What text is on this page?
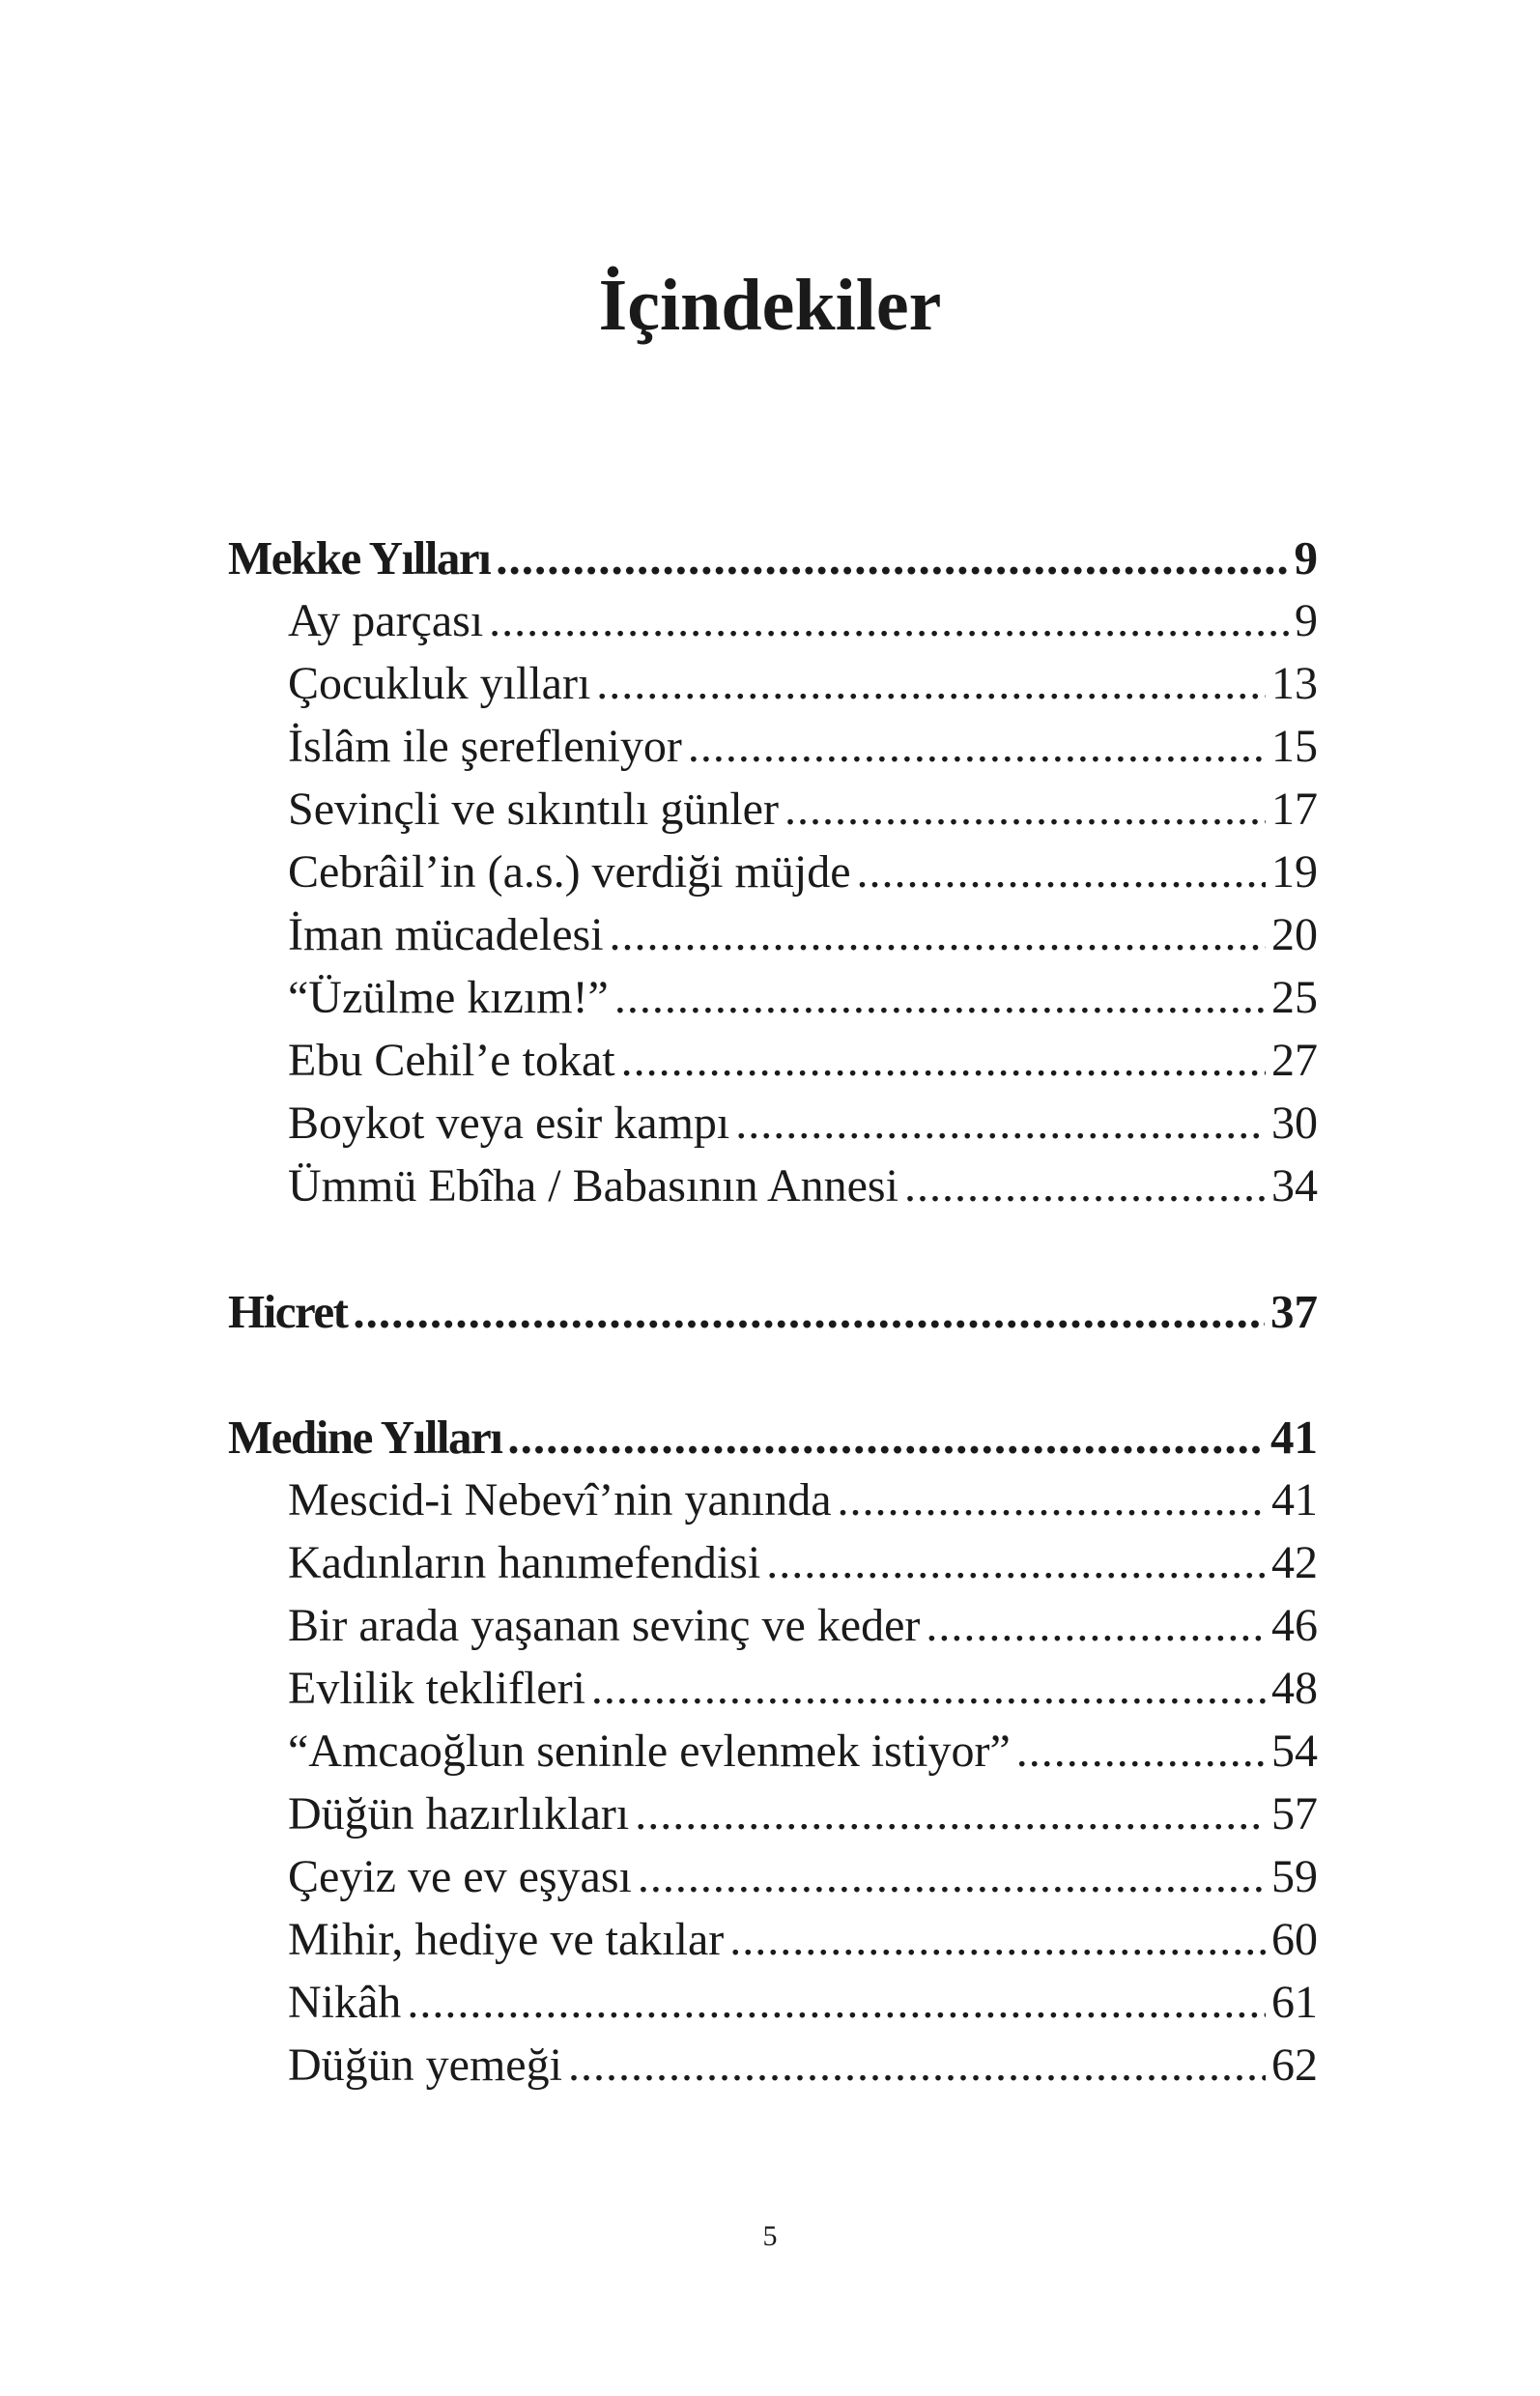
İçindekiler
Mekke Yılları .....	9
Ay parçası .....	9
Çocukluk yılları .....	13
İslâm ile şerefleniyor .....	15
Sevinçli ve sıkıntılı günler .....	17
Cebrâil’in (a.s.) verdiği müjde .....	19
İman mücadelesi .....	20
“Üzülme kızım!” .....	25
Ebu Cehil’e tokat .....	27
Boykot veya esir kampı .....	30
Ümmü Ebîha / Babasının Annesi .....	34
Hicret .....	37
Medine Yılları .....	41
Mescid-i Nebevî’nin yanında .....	41
Kadınların hanımefendisi .....	42
Bir arada yaşanan sevinç ve keder .....	46
Evlilik teklifleri .....	48
“Amcaoğlun seninle evlenmek istiyor” .....	54
Düğün hazırlıkları .....	57
Çeyiz ve ev eşyası .....	59
Mihir, hediye ve takılar .....	60
Nikâh .....	61
Düğün yemeği .....	62
5
